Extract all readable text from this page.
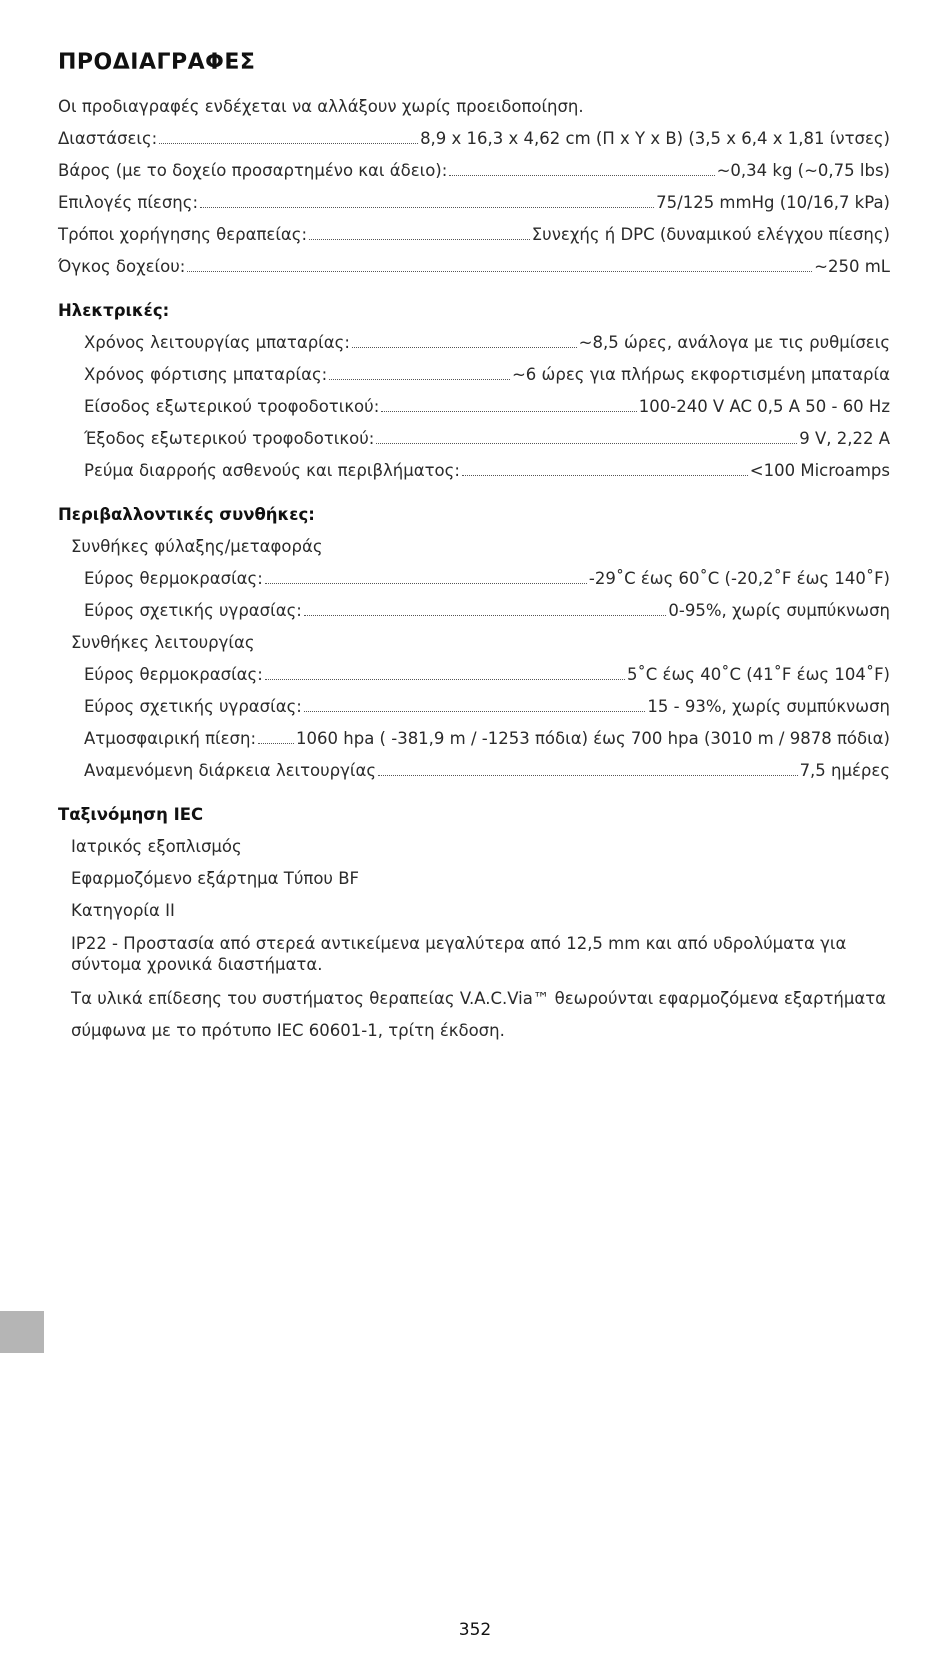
ΠΡΟΔΙΑΓΡΑΦΕΣ
Οι προδιαγραφές ενδέχεται να αλλάξουν χωρίς προειδοποίηση.
Διαστάσεις:	8,9 x 16,3 x 4,62 cm (Π x Υ x Β) (3,5 x 6,4 x 1,81 ίντσες)
Βάρος (με το δοχείο προσαρτημένο και άδειο):	~0,34 kg (~0,75 lbs)
Επιλογές πίεσης:	75/125 mmHg (10/16,7 kPa)
Τρόποι χορήγησης θεραπείας:	Συνεχής ή DPC (δυναμικού ελέγχου πίεσης)
Όγκος δοχείου:	~250 mL
Ηλεκτρικές:
Χρόνος λειτουργίας μπαταρίας:	~8,5 ώρες, ανάλογα με τις ρυθμίσεις
Χρόνος φόρτισης μπαταρίας:	~6 ώρες για πλήρως εκφορτισμένη μπαταρία
Είσοδος εξωτερικού τροφοδοτικού:	100-240 V AC 0,5 A 50 - 60 Hz
Έξοδος εξωτερικού τροφοδοτικού:	9 V, 2,22 A
Ρεύμα διαρροής ασθενούς και περιβλήματος:	<100 Microamps
Περιβαλλοντικές συνθήκες:
Συνθήκες φύλαξης/μεταφοράς
Εύρος θερμοκρασίας:	-29˚C έως 60˚C (-20,2˚F έως 140˚F)
Εύρος σχετικής υγρασίας:	0-95%, χωρίς συμπύκνωση
Συνθήκες λειτουργίας
Εύρος θερμοκρασίας:	5˚C έως 40˚C (41˚F έως 104˚F)
Εύρος σχετικής υγρασίας:	15 - 93%, χωρίς συμπύκνωση
Ατμοσφαιρική πίεση: 1060 hpa ( -381,9 m / -1253 πόδια) έως 700 hpa (3010 m / 9878 πόδια)
Αναμενόμενη διάρκεια λειτουργίας	7,5 ημέρες
Ταξινόμηση IEC
Ιατρικός εξοπλισμός
Εφαρμοζόμενο εξάρτημα Τύπου BF
Κατηγορία II
IP22 - Προστασία από στερεά αντικείμενα μεγαλύτερα από 12,5 mm και από υδρολύματα για σύντομα χρονικά διαστήματα.
Τα υλικά επίδεσης του συστήματος θεραπείας V.A.C.Via™ θεωρούνται εφαρμοζόμενα εξαρτήματα
σύμφωνα με το πρότυπο IEC 60601-1, τρίτη έκδοση.
352
